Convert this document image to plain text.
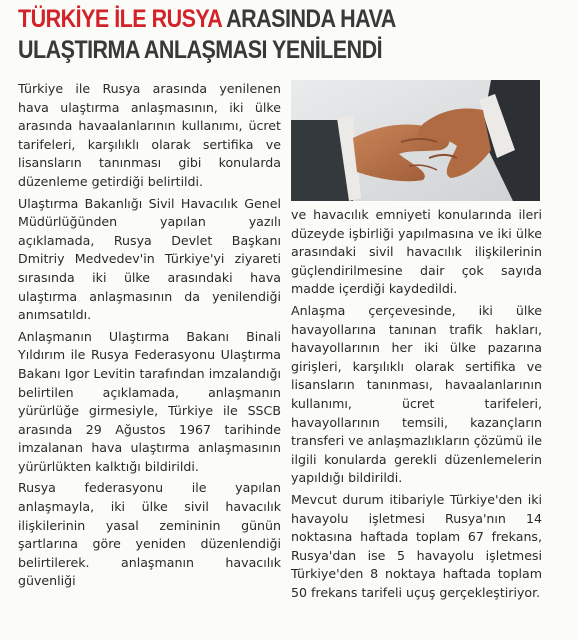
TÜRKİYE İLE RUSYA ARASINDA HAVA
ULAŞTIRMA ANLAŞMASI YENİLENDİ

Türkiye ile Rusya arasında yenilenen hava ulaştırma anlaşmasının, iki ülke arasında havaalanlarının kullanımı, ücret tarifeleri, karşılıklı olarak sertifika ve lisansların tanınması gibi konularda düzenleme getirdiği belirtildi.

Ulaştırma Bakanlığı Sivil Havacılık Genel Müdürlüğünden yapılan yazılı açıklamada, Rusya Devlet Başkanı Dmitriy Medvedev'in Türkiye'yi ziyareti sırasında iki ülke arasındaki hava ulaştırma anlaşmasının da yenilendiği anımsatıldı.

Anlaşmanın Ulaştırma Bakanı Binali Yıldırım ile Rusya Federasyonu Ulaştırma Bakanı Igor Levitin tarafından imzalandığı belirtilen açıklamada, anlaşmanın yürürlüğe girmesiyle, Türkiye ile SSCB arasında 29 Ağustos 1967 tarihinde imzalanan hava ulaştırma anlaşmasının yürürlükten kalktığı bildirildi.

Rusya federasyonu ile yapılan anlaşmayla, iki ülke sivil havacılık ilişkilerinin yasal zemininin günün şartlarına göre yeniden düzenlendiği belirtilerek. anlaşmanın havacılık güvenliği

ve havacılık emniyeti konularında ileri düzeyde işbirliği yapılmasına ve iki ülke arasındaki sivil havacılık ilişkilerinin güçlendirilmesine dair çok sayıda madde içerdiği kaydedildi.

Anlaşma çerçevesinde, iki ülke havayollarına tanınan trafik hakları, havayollarının her iki ülke pazarına girişleri, karşılıklı olarak sertifika ve lisansların tanınması, havaalanlarının kullanımı, ücret tarifeleri, havayollarının temsili, kazançların transferi ve anlaşmazlıkların çözümü ile ilgili konularda gerekli düzenlemelerin yapıldığı bildirildi.

Mevcut durum itibariyle Türkiye'den iki havayolu işletmesi Rusya'nın 14 noktasına haftada toplam 67 frekans, Rusya'dan ise 5 havayolu işletmesi Türkiye'den 8 noktaya haftada toplam 50 frekans tarifeli uçuş gerçekleştiriyor.
